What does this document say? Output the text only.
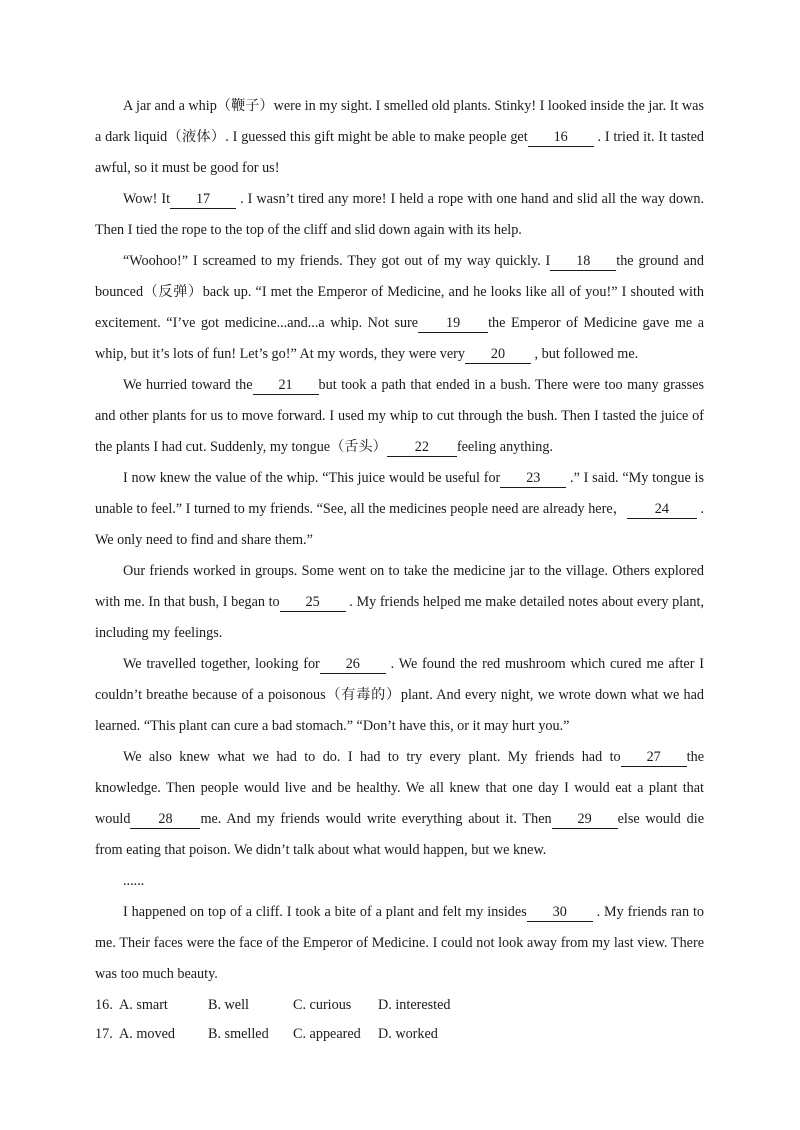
A jar and a whip（鞭子）were in my sight. I smelled old plants. Stinky! I looked inside the jar. It was a dark liquid（液体）. I guessed this gift might be able to make people get 16 . I tried it. It tasted awful, so it must be good for us!

Wow! It 17 . I wasn’t tired any more! I held a rope with one hand and slid all the way down. Then I tied the rope to the top of the cliff and slid down again with its help.

“Woohoo!” I screamed to my friends. They got out of my way quickly. I 18 the ground and bounced（反弹）back up. “I met the Emperor of Medicine, and he looks like all of you!” I shouted with excitement. “I’ve got medicine...and...a whip. Not sure 19 the Emperor of Medicine gave me a whip, but it’s lots of fun! Let’s go!” At my words, they were very 20 , but followed me.

We hurried toward the 21 but took a path that ended in a bush. There were too many grasses and other plants for us to move forward. I used my whip to cut through the bush. Then I tasted the juice of the plants I had cut. Suddenly, my tongue（舌头） 22 feeling anything.

I now knew the value of the whip. “This juice would be useful for 23 .” I said. “My tongue is unable to feel.” I turned to my friends. “See, all the medicines people need are already here， 24 . We only need to find and share them.”

Our friends worked in groups. Some went on to take the medicine jar to the village. Others explored with me. In that bush, I began to 25 . My friends helped me make detailed notes about every plant, including my feelings.

We travelled together, looking for 26 . We found the red mushroom which cured me after I couldn’t breathe because of a poisonous（有毒的）plant. And every night, we wrote down what we had learned. “This plant can cure a bad stomach.” “Don’t have this, or it may hurt you.”

We also knew what we had to do. I had to try every plant. My friends had to 27 the knowledge. Then people would live and be healthy. We all knew that one day I would eat a plant that would 28 me. And my friends would write everything about it. Then 29 else would die from eating that poison. We didn’t talk about what would happen, but we knew.

......

I happened on top of a cliff. I took a bite of a plant and felt my insides 30 . My friends ran to me. Their faces were the face of the Emperor of Medicine. I could not look away from my last view. There was too much beauty.

16. A. smart	B. well	C. curious	D. interested
17. A. moved	B. smelled	C. appeared	D. worked
